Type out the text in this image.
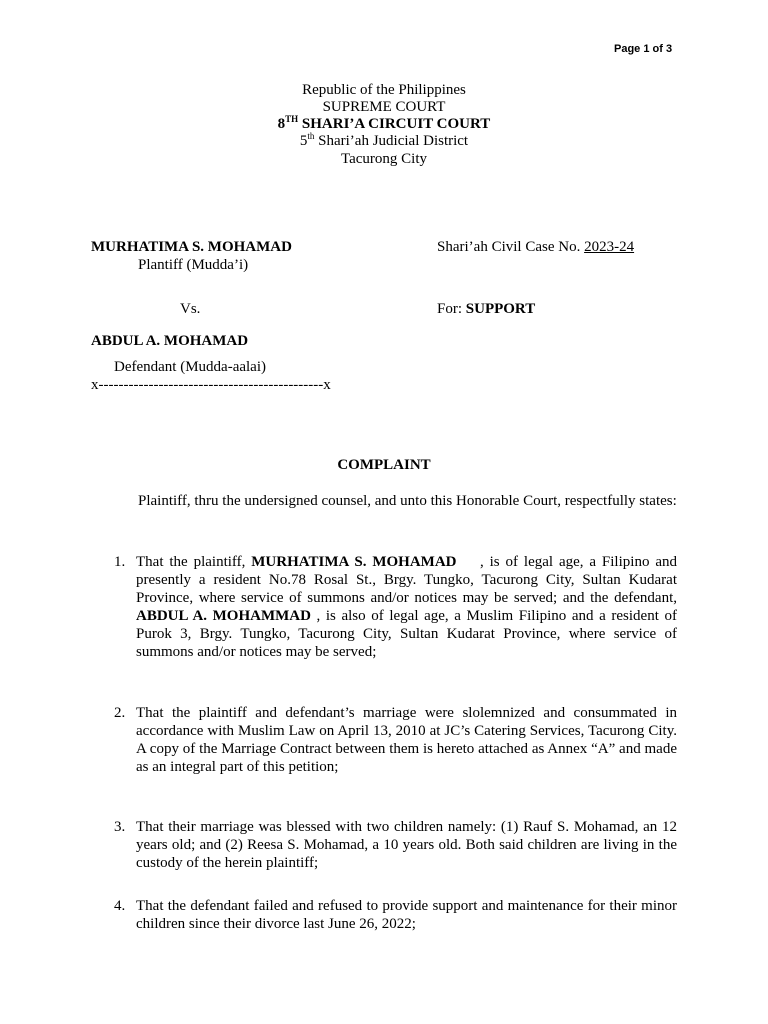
Page 1 of 3
Republic of the Philippines
SUPREME COURT
8TH SHARI’A CIRCUIT COURT
5th Shari’ah Judicial District
Tacurong City
MURHATIMA S. MOHAMAD
Plantiff (Mudda’i)
Shari’ah Civil Case No. 2023-24
Vs.	For: SUPPORT
ABDUL A. MOHAMAD
Defendant (Mudda-aalai)
x---------------------------------------------x
COMPLAINT
Plaintiff, thru the undersigned counsel, and unto this Honorable Court, respectfully states:
1. That the plaintiff, MURHATIMA S. MOHAMAD    , is of legal age, a Filipino and presently a resident No.78 Rosal St., Brgy. Tungko, Tacurong City, Sultan Kudarat Province, where service of summons and/or notices may be served; and the defendant, ABDUL A. MOHAMMAD , is also of legal age, a Muslim Filipino and a resident of Purok 3, Brgy. Tungko, Tacurong City, Sultan Kudarat Province, where service of summons and/or notices may be served;
2. That the plaintiff and defendant’s marriage were slolemnized and consummated in accordance with Muslim Law on April 13, 2010 at JC’s Catering Services, Tacurong City. A copy of the Marriage Contract between them is hereto attached as Annex “A” and made as an integral part of this petition;
3. That their marriage was blessed with two children namely: (1) Rauf S. Mohamad, an 12 years old; and (2) Reesa S. Mohamad, a 10 years old. Both said children are living in the custody of the herein plaintiff;
4. That the defendant failed and refused to provide support and maintenance for their minor children since their divorce last June 26, 2022;
